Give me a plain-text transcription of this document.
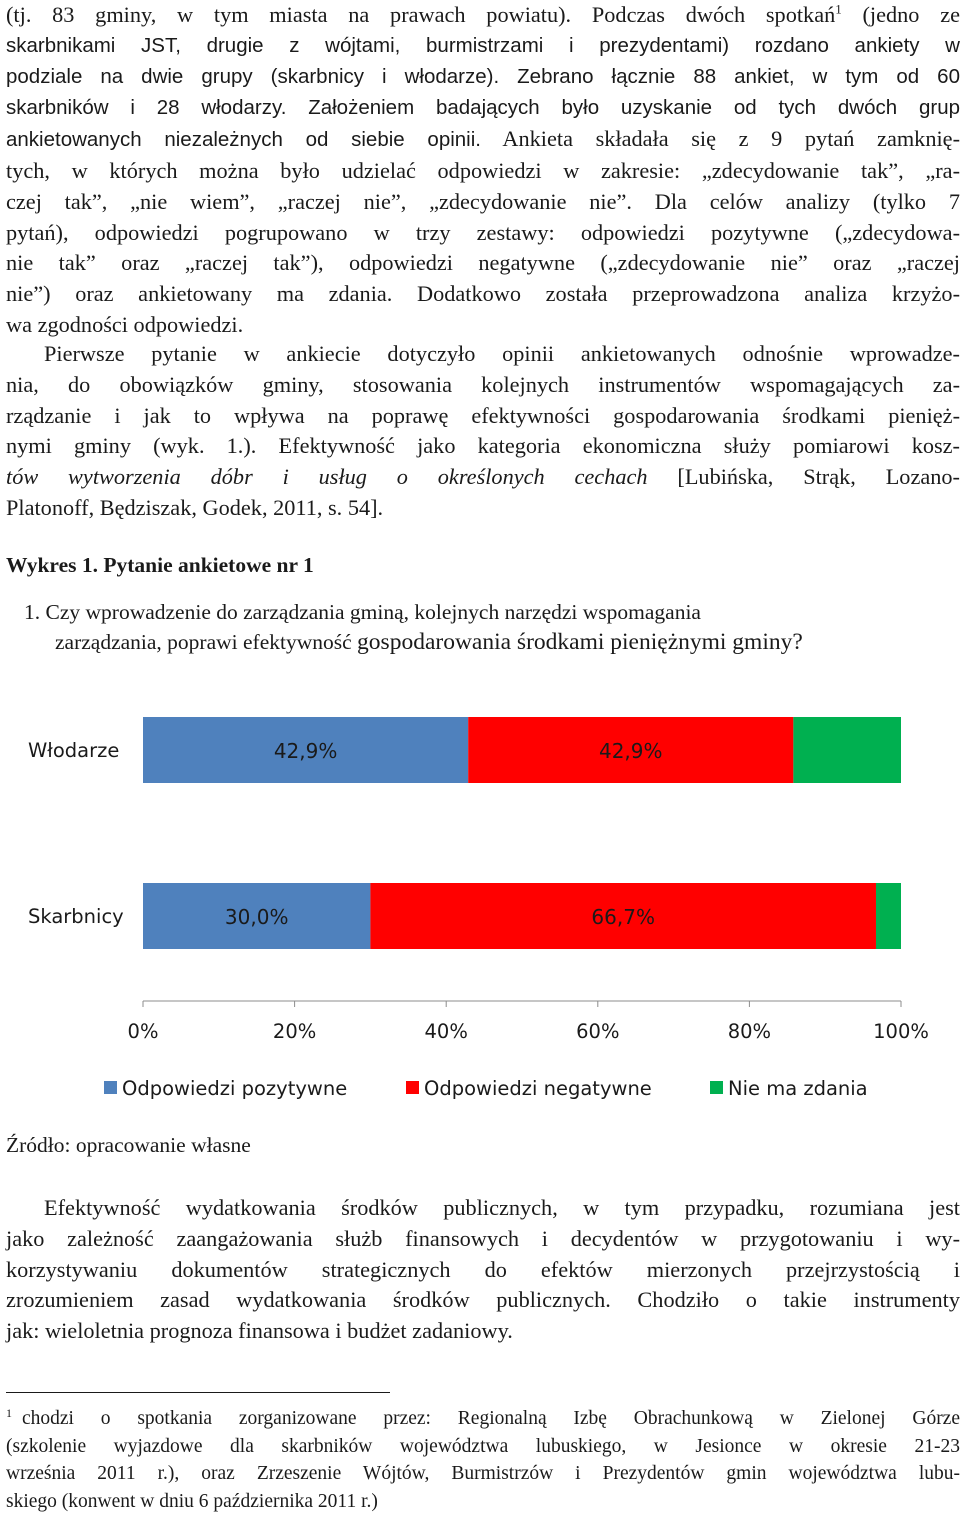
(tj. 83 gminy, w tym miasta na prawach powiatu). Podczas dwóch spotkań$^1$ (jedno ze
skarbnikami JST, drugie z wójtami, burmistrzami i prezydentami) rozdano ankiety w
podziale na dwie grupy (skarbnicy i włodarze). Zebrano łącznie 88 ankiet, w tym od 60
skarbników i 28 włodarzy. Założeniem badających było uzyskanie od tych dwóch grup
ankietowanych niezależnych od siebie opinii. Ankieta składała się z 9 pytań zamknię-
tych, w których można było udzielać odpowiedzi w zakresie: „zdecydowanie tak”, „ra-
czej tak”, „nie wiem”, „raczej nie”, „zdecydowanie nie”. Dla celów analizy (tylko 7
pytań), odpowiedzi pogrupowano w trzy zestawy: odpowiedzi pozytywne („zdecydowa-
nie tak” oraz „raczej tak”), odpowiedzi negatywne („zdecydowanie nie” oraz „raczej
nie”) oraz ankietowany ma zdania. Dodatkowo została przeprowadzona analiza krzyżo-
wa zgodności odpowiedzi.

Pierwsze pytanie w ankiecie dotyczyło opinii ankietowanych odnośnie wprowadze-
nia, do obowiązków gminy, stosowania kolejnych instrumentów wspomagających za-
rządzanie i jak to wpływa na poprawę efektywności gospodarowania środkami pienięż-
nymi gminy (wyk. 1.). Efektywność jako kategoria ekonomiczna służy pomiarowi kosz-
tów wytworzenia dóbr i usług o określonych cechach [Lubińska, Strąk, Lozano-
Platonoff, Będziszak, Godek, 2011, s. 54].

Wykres 1. Pytanie ankietowe nr 1
1. Czy wprowadzenie do zarządzania gminą, kolejnych narzędzi wspomagania
zarządzania, poprawi efektywność gospodarowania środkami pieniężnymi gminy?
Włodarze	42,9%	42,9%
Skarbnicy	30,0%	66,7%
0%	20%	40%	60%	80%	100%
Odpowiedzi pozytywne	Odpowiedzi negatywne	Nie ma zdania
Źródło: opracowanie własne

Efektywność wydatkowania środków publicznych, w tym przypadku, rozumiana jest
jako zależność zaangażowania służb finansowych i decydentów w przygotowaniu i wy-
korzystywaniu dokumentów strategicznych do efektów mierzonych przejrzystością i
zrozumieniem zasad wydatkowania środków publicznych. Chodziło o takie instrumenty
jak: wieloletnia prognoza finansowa i budżet zadaniowy.

$^1$ chodzi o spotkania zorganizowane przez: Regionalną Izbę Obrachunkową w Zielonej Górze
(szkolenie wyjazdowe dla skarbników województwa lubuskiego, w Jesionce w okresie 21-23
września 2011 r.), oraz Zrzeszenie Wójtów, Burmistrzów i Prezydentów gmin województwa lubu-
skiego (konwent w dniu 6 października 2011 r.)
